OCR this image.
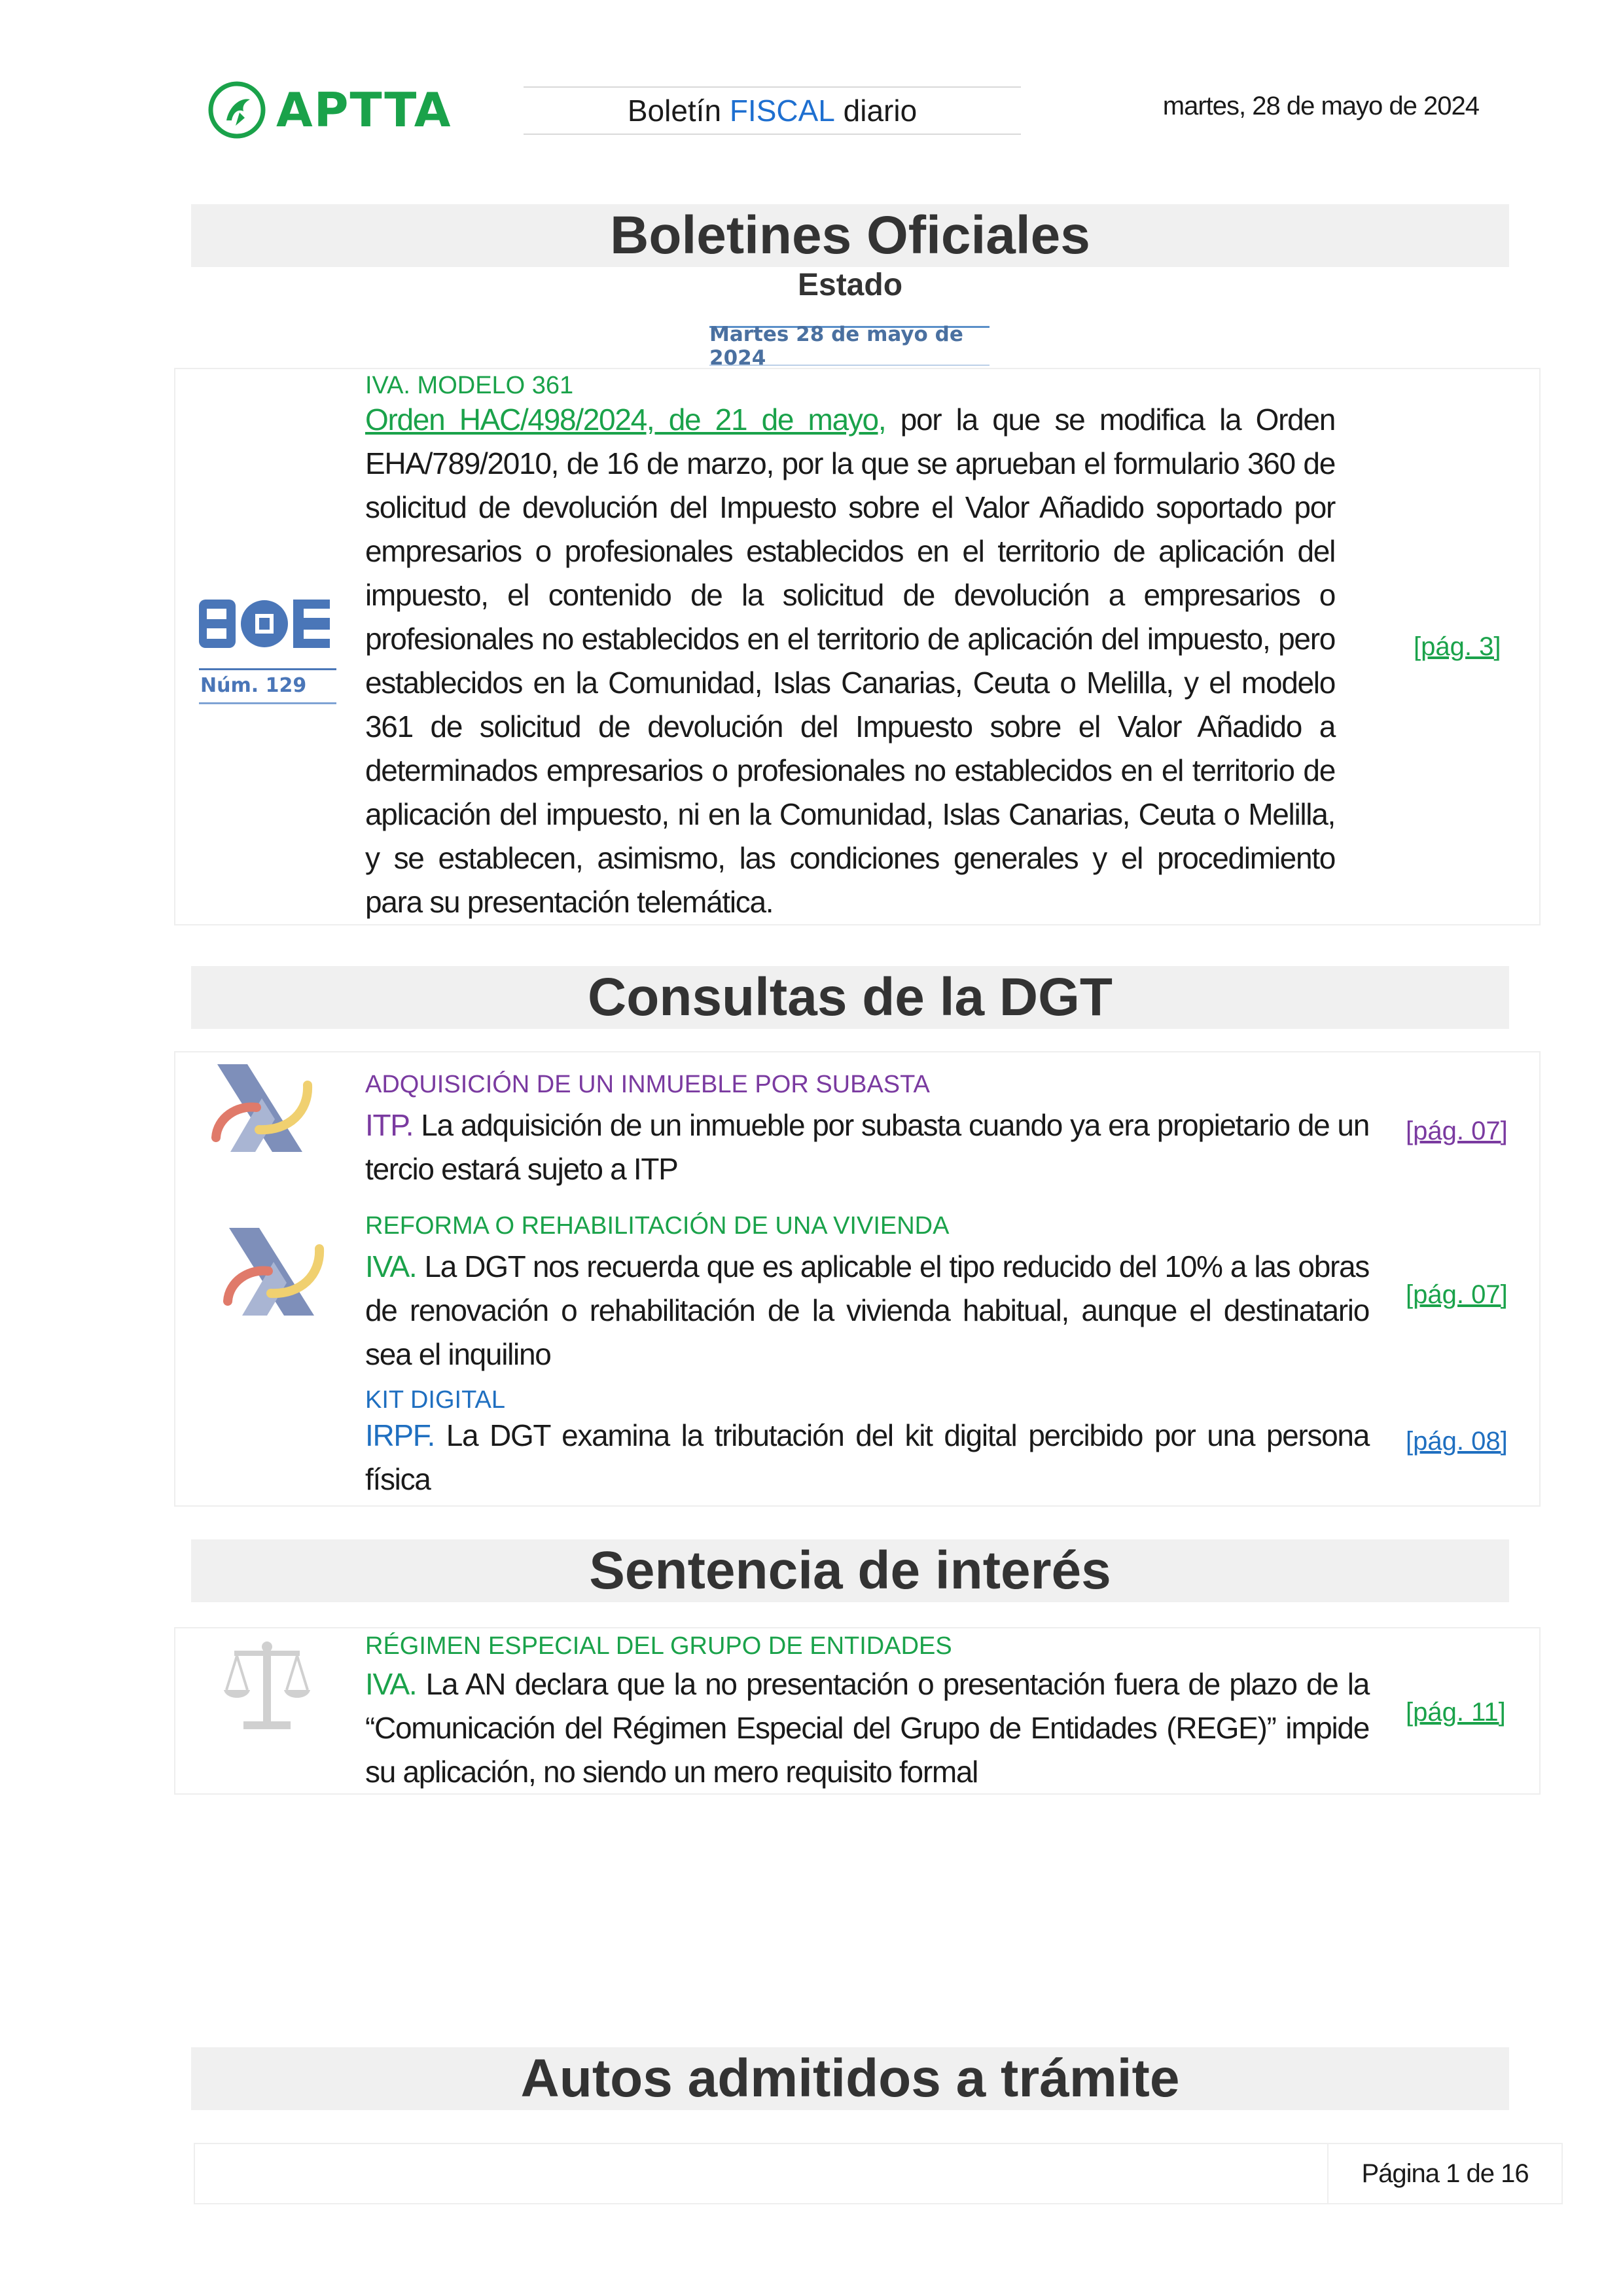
APTTA	Boletín FISCAL diario	martes, 28 de mayo de 2024
Boletines Oficiales
Estado
Martes 28 de mayo de 2024
Núm. 129
IVA. MODELO 361
Orden HAC/498/2024, de 21 de mayo, por la que se modifica la Orden EHA/789/2010, de 16 de marzo, por la que se aprueban el formulario 360 de solicitud de devolución del Impuesto sobre el Valor Añadido soportado por empresarios o profesionales establecidos en el territorio de aplicación del impuesto, el contenido de la solicitud de devolución a empresarios o profesionales no establecidos en el territorio de aplicación del impuesto, pero establecidos en la Comunidad, Islas Canarias, Ceuta o Melilla, y el modelo 361 de solicitud de devolución del Impuesto sobre el Valor Añadido a determinados empresarios o profesionales no establecidos en el territorio de aplicación del impuesto, ni en la Comunidad, Islas Canarias, Ceuta o Melilla, y se establecen, asimismo, las condiciones generales y el procedimiento para su presentación telemática.
[pág. 3]
Consultas de la DGT
ADQUISICIÓN DE UN INMUEBLE POR SUBASTA
ITP. La adquisición de un inmueble por subasta cuando ya era propietario de un tercio estará sujeto a ITP
[pág. 07]
REFORMA O REHABILITACIÓN DE UNA VIVIENDA
IVA. La DGT nos recuerda que es aplicable el tipo reducido del 10% a las obras de renovación o rehabilitación de la vivienda habitual, aunque el destinatario sea el inquilino
[pág. 07]
KIT DIGITAL
IRPF. La DGT examina la tributación del kit digital percibido por una persona física
[pág. 08]
Sentencia de interés
RÉGIMEN ESPECIAL DEL GRUPO DE ENTIDADES
IVA. La AN declara que la no presentación o presentación fuera de plazo de la “Comunicación del Régimen Especial del Grupo de Entidades (REGE)” impide su aplicación, no siendo un mero requisito formal
[pág. 11]
Autos admitidos a trámite
Página 1 de 16
